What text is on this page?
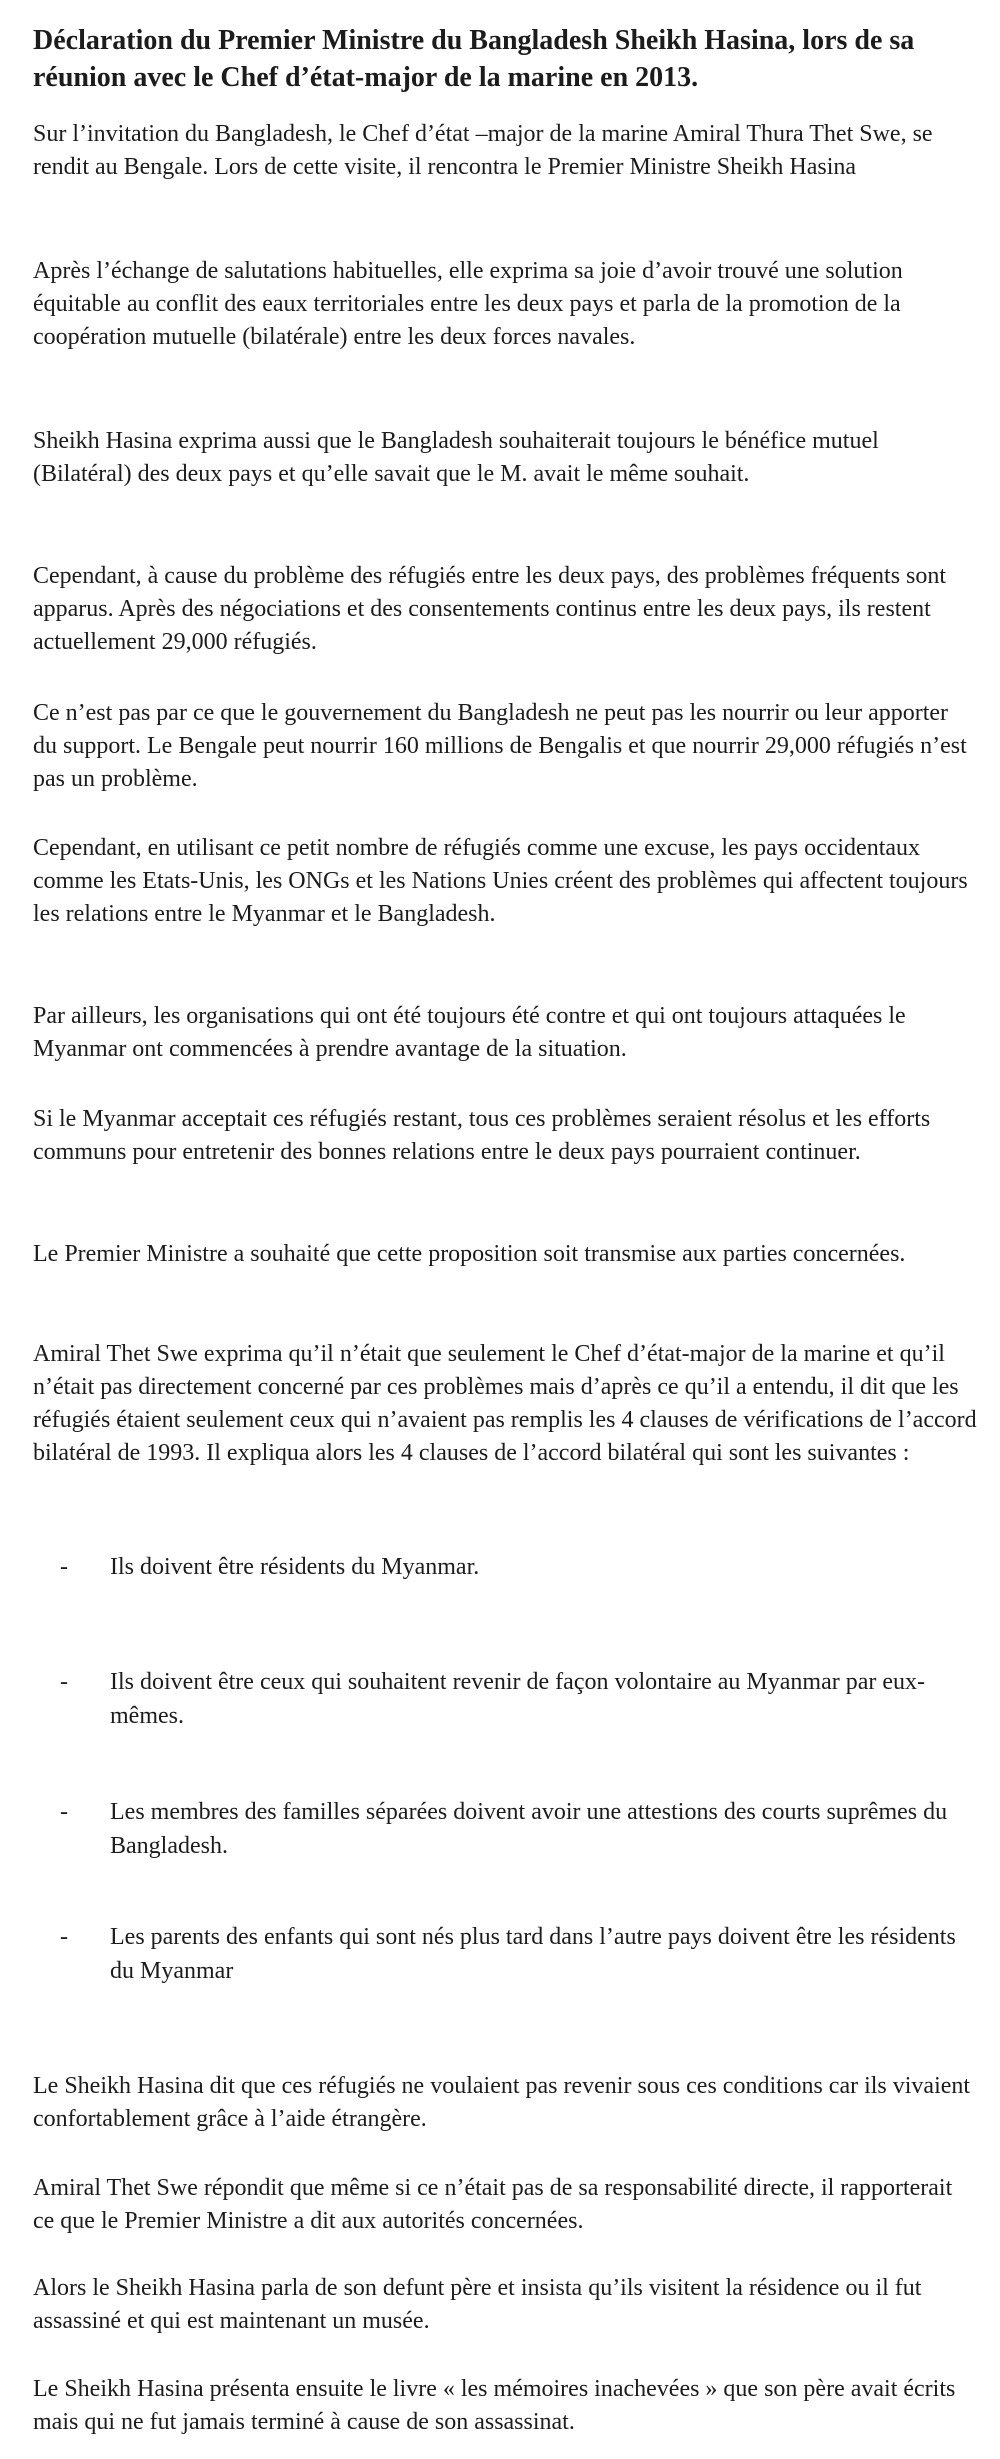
Déclaration du Premier Ministre du Bangladesh Sheikh Hasina, lors de sa réunion avec le Chef d’état-major de la marine en 2013.

Sur l’invitation du Bangladesh, le Chef d’état –major de la marine Amiral Thura Thet Swe, se rendit au Bengale. Lors de cette visite, il rencontra le Premier Ministre Sheikh Hasina

Après l’échange de salutations habituelles, elle exprima sa joie d’avoir trouvé une solution équitable au conflit des eaux territoriales entre les deux pays et parla de la promotion de la coopération mutuelle (bilatérale) entre les deux forces navales.

Sheikh Hasina exprima aussi que le Bangladesh souhaiterait toujours le bénéfice mutuel (Bilatéral) des deux pays et qu’elle savait que le M. avait le même souhait.

Cependant, à cause du problème des réfugiés entre les deux pays, des problèmes fréquents sont apparus. Après des négociations et des consentements continus entre les deux pays, ils restent actuellement 29,000 réfugiés.

Ce n’est pas par ce que le gouvernement du Bangladesh ne peut pas les nourrir ou leur apporter du support. Le Bengale peut nourrir 160 millions de Bengalis et que nourrir 29,000 réfugiés n’est pas un problème.

Cependant, en utilisant ce petit nombre de réfugiés comme une excuse, les pays occidentaux comme les Etats-Unis, les ONGs et les Nations Unies créent des problèmes qui affectent toujours les relations entre le Myanmar et le Bangladesh.

Par ailleurs, les organisations qui ont été toujours été contre et qui ont toujours attaquées le Myanmar ont commencées à prendre avantage de la situation.

Si le Myanmar acceptait ces réfugiés restant, tous ces problèmes seraient résolus et les efforts communs pour entretenir des bonnes relations entre le deux pays pourraient continuer.

Le Premier Ministre a souhaité que cette proposition soit transmise aux parties concernées.

Amiral Thet Swe exprima qu’il n’était que seulement le Chef d’état-major de la marine et qu’il n’était pas directement concerné par ces problèmes mais d’après ce qu’il a entendu, il dit que les réfugiés étaient seulement ceux qui n’avaient pas remplis les 4 clauses de vérifications de l’accord bilatéral de 1993. Il expliqua alors les 4 clauses de l’accord bilatéral qui sont les suivantes :

- Ils doivent être résidents du Myanmar.
- Ils doivent être ceux qui souhaitent revenir de façon volontaire au Myanmar par eux-mêmes.
- Les membres des familles séparées doivent avoir une attestions des courts suprêmes du Bangladesh.
- Les parents des enfants qui sont nés plus tard dans l’autre pays doivent être les résidents du Myanmar

Le Sheikh Hasina dit que ces réfugiés ne voulaient pas revenir sous ces conditions car ils vivaient confortablement grâce à l’aide étrangère.

Amiral Thet Swe répondit que même si ce n’était pas de sa responsabilité directe, il rapporterait ce que le Premier Ministre a dit aux autorités concernées.

Alors le Sheikh Hasina parla de son defunt père et insista qu’ils visitent la résidence ou il fut assassiné et qui est maintenant un musée.

Le Sheikh Hasina présenta ensuite le livre « les mémoires inachevées » que son père avait écrits mais qui ne fut jamais terminé à cause de son assassinat.
